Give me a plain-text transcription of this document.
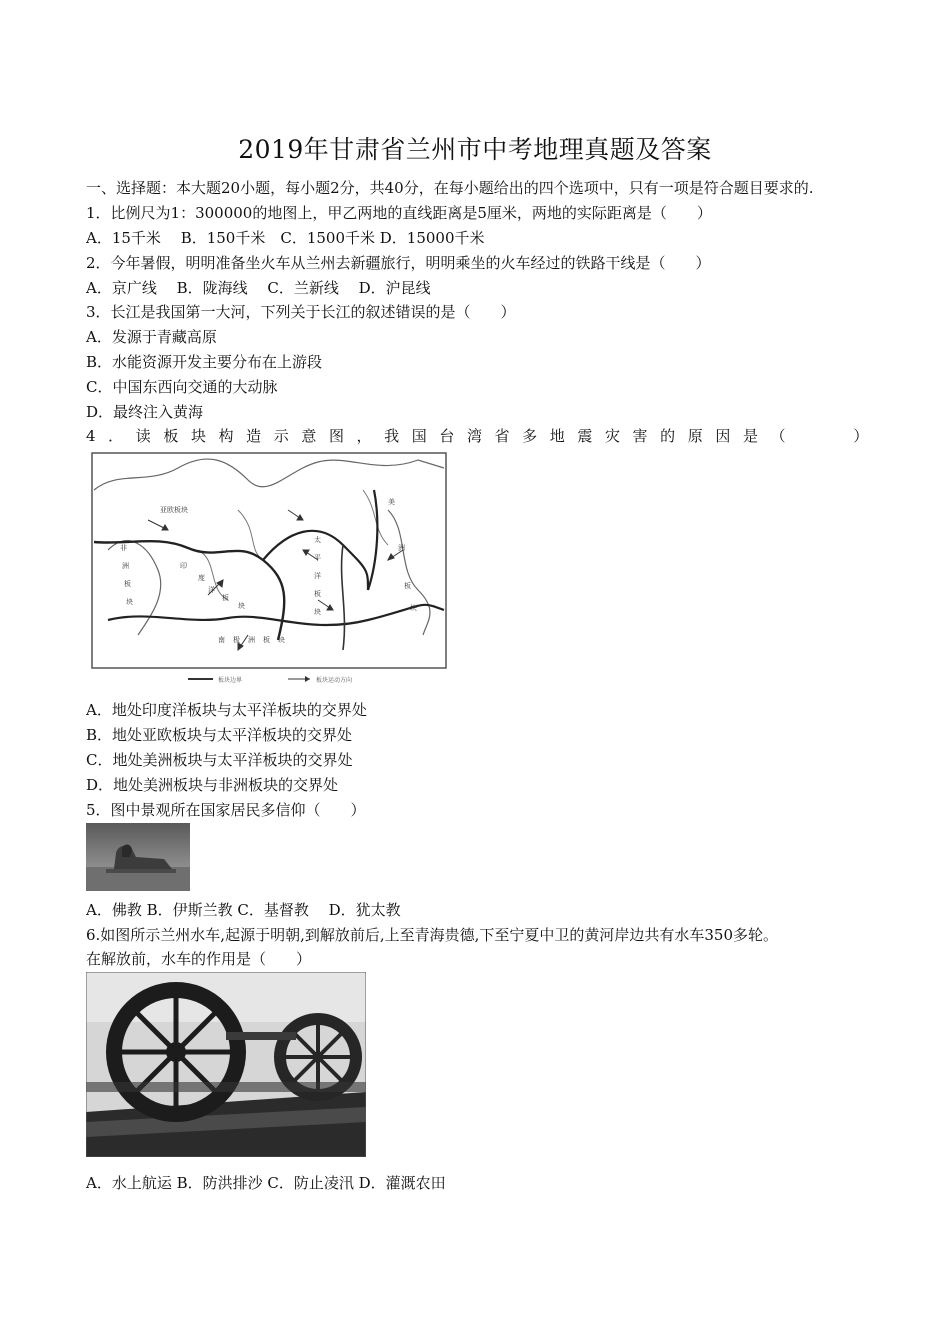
2019年甘肃省兰州市中考地理真题及答案
一、选择题：本大题20小题，每小题2分，共40分，在每小题给出的四个选项中，只有一项是符合题目要求的.
1．比例尺为1：300000的地图上，甲乙两地的直线距离是5厘米，两地的实际距离是（　　）
A．15千米　 B．150千米　C．1500千米 D．15000千米
2．今年暑假，明明准备坐火车从兰州去新疆旅行，明明乘坐的火车经过的铁路干线是（　　）
A．京广线　 B．陇海线　 C．兰新线　 D．沪昆线
3．长江是我国第一大河，下列关于长江的叙述错误的是（　　）
A．发源于青藏高原
B．水能资源开发主要分布在上游段
C．中国东西向交通的大动脉
D．最终注入黄海
4．读板块构造示意图，我国台湾省多地震灾害的原因是（　　）
亚欧板块
太
平
洋
板
块
非
洲
板
块
印
度
洋
板
块
美
洲
板
块
南极洲板块
板块边界	板块运动方向
A．地处印度洋板块与太平洋板块的交界处
B．地处亚欧板块与太平洋板块的交界处
C．地处美洲板块与太平洋板块的交界处
D．地处美洲板块与非洲板块的交界处
5．图中景观所在国家居民多信仰（　　）
A．佛教 B．伊斯兰教 C．基督教　 D．犹太教
6.如图所示兰州水车,起源于明朝,到解放前后,上至青海贵德,下至宁夏中卫的黄河岸边共有水车350多轮。
在解放前，水车的作用是（　　）
A．水上航运 B．防洪排沙 C．防止凌汛 D．灌溉农田
